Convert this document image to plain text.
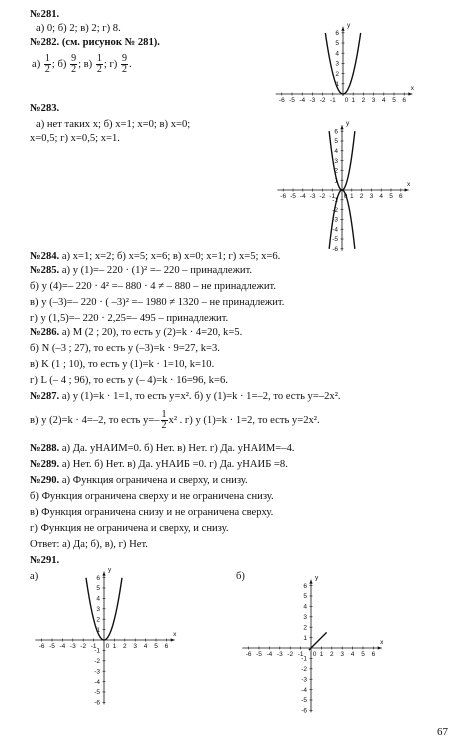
№281.
а) 0; б) 2; в) 2; г) 8.
№282. (см. рисунок № 281).
$а) \frac{1}{2}$ ; $б) \frac{9}{2}$ ; $в) \frac{1}{2}$ ; $г) \frac{9}{2}$ .
№283.
а) нет таких x; б) x=1; x=0; в) x=0;
x=0,5; г) x=0,5; x=1.
№284. а) x=1; x=2; б) x=5; x=6; в) x=0; x=1; г) x=5; x=6.
№285. а) y (1)=– 220 · (1)² =– 220 – принадлежит.
б) y (4)=– 220 · 4² =– 880 · 4 ≠ – 880 – не принадлежит.
в) y (–3)=– 220 · ( –3)² =– 1980 ≠ 1320 – не принадлежит.
г) y (1,5)=– 220 · 2,25=– 495 – принадлежит.
№286. а) М (2 ; 20), то есть y (2)=k · 4=20, k=5.
б) N (–3 ; 27), то есть y (–3)=k · 9=27, k=3.
в) K (1 ; 10), то есть y (1)=k · 1=10, k=10.
г) L (– 4 ; 96), то есть y (– 4)=k · 16=96, k=6.
№287. а) y (1)=k · 1=1, то есть y=x². б) y (1)=k · 1=–2, то есть y=–2x².
в) y (2)=k · 4=–2, то есть $y=- \frac{1}{2} x^2$ . г) y (1)=k · 1=2, то есть y=2x².
№288. а) Да. yНАИМ=0. б) Нет. в) Нет. г) Да. yНАИМ=–4.
№289. а) Нет. б) Нет. в) Да. yНАИБ =0. г) Да. yНАИБ =8.
№290. а) Функция ограничена и сверху, и снизу.
б) Функция ограничена сверху и не ограничена снизу.
в) Функция ограничена снизу и не ограничена сверху.
г) Функция не ограничена и сверху, и снизу.
Ответ: а) Да; б), в), г) Нет.
№291.
а)	б)
x
y
-6 -5 -4 -3 -2 -1 1 2 3 4 5 6
0
1
2
3
4
5
6
x
y
-6 -5 -4 -3 -2 -1 1 2 3 4 5 6
0
1
2
3
4
5
6
-1
-2
-3
-4
-5
-6
x
y
-6 -5 -4 -3 -2 -1 1 2 3 4 5 6
0
1
2
3
4
5
6
-1
-2
-3
-4
-5
-6
x
y
-6 -5 -4 -3 -2 -1 1 2 3 4 5 6
0
1
2
3
4
5
6
-1
-2
-3
-4
-5
-6
67
